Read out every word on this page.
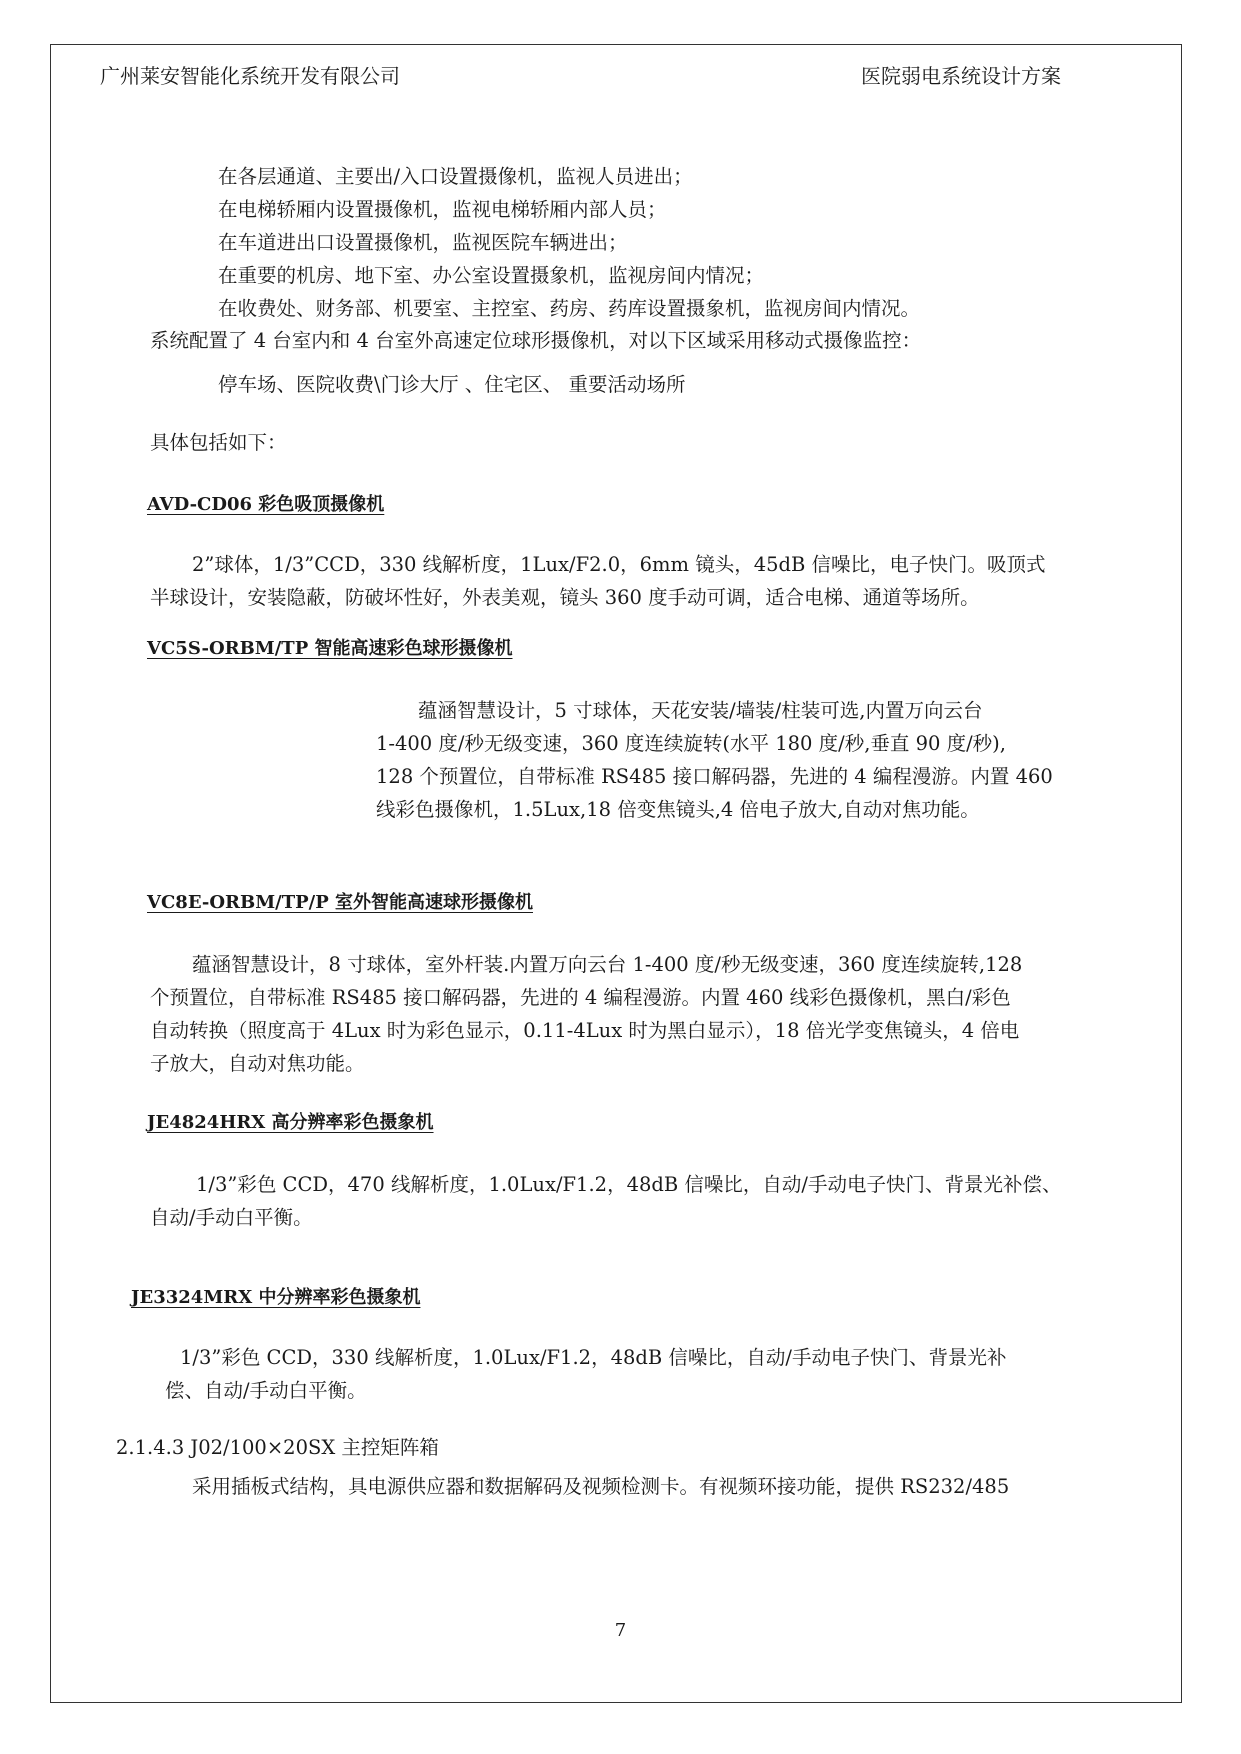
广州莱安智能化系统开发有限公司	医院弱电系统设计方案
在各层通道、主要出/入口设置摄像机，监视人员进出；
在电梯轿厢内设置摄像机，监视电梯轿厢内部人员；
在车道进出口设置摄像机，监视医院车辆进出；
在重要的机房、地下室、办公室设置摄象机，监视房间内情况；
在收费处、财务部、机要室、主控室、药房、药库设置摄象机，监视房间内情况。
系统配置了 4 台室内和 4 台室外高速定位球形摄像机，对以下区域采用移动式摄像监控：
停车场、医院收费\门诊大厅 、住宅区、 重要活动场所
具体包括如下：
AVD-CD06 彩色吸顶摄像机
2”球体，1/3”CCD，330 线解析度，1Lux/F2.0，6mm 镜头，45dB 信噪比，电子快门。吸顶式
半球设计，安装隐蔽，防破坏性好，外表美观，镜头 360 度手动可调，适合电梯、通道等场所。
VC5S-ORBM/TP 智能高速彩色球形摄像机
蕴涵智慧设计，5 寸球体，天花安装/墙装/柱装可选,内置万向云台
1-400 度/秒无级变速，360 度连续旋转(水平 180 度/秒,垂直 90 度/秒),
128 个预置位，自带标准 RS485 接口解码器，先进的 4 编程漫游。内置 460
线彩色摄像机，1.5Lux,18 倍变焦镜头,4 倍电子放大,自动对焦功能。
VC8E-ORBM/TP/P 室外智能高速球形摄像机
蕴涵智慧设计，8 寸球体，室外杆装.内置万向云台 1-400 度/秒无级变速，360 度连续旋转,128
个预置位，自带标准 RS485 接口解码器，先进的 4 编程漫游。内置 460 线彩色摄像机，黑白/彩色
自动转换（照度高于 4Lux 时为彩色显示，0.11-4Lux 时为黑白显示），18 倍光学变焦镜头，4 倍电
子放大，自动对焦功能。
JE4824HRX 高分辨率彩色摄象机
1/3”彩色 CCD，470 线解析度，1.0Lux/F1.2，48dB 信噪比，自动/手动电子快门、背景光补偿、
自动/手动白平衡。
JE3324MRX 中分辨率彩色摄象机
1/3”彩色 CCD，330 线解析度，1.0Lux/F1.2，48dB 信噪比，自动/手动电子快门、背景光补
偿、自动/手动白平衡。
2.1.4.3 J02/100×20SX 主控矩阵箱
采用插板式结构，具电源供应器和数据解码及视频检测卡。有视频环接功能，提供 RS232/485
7
